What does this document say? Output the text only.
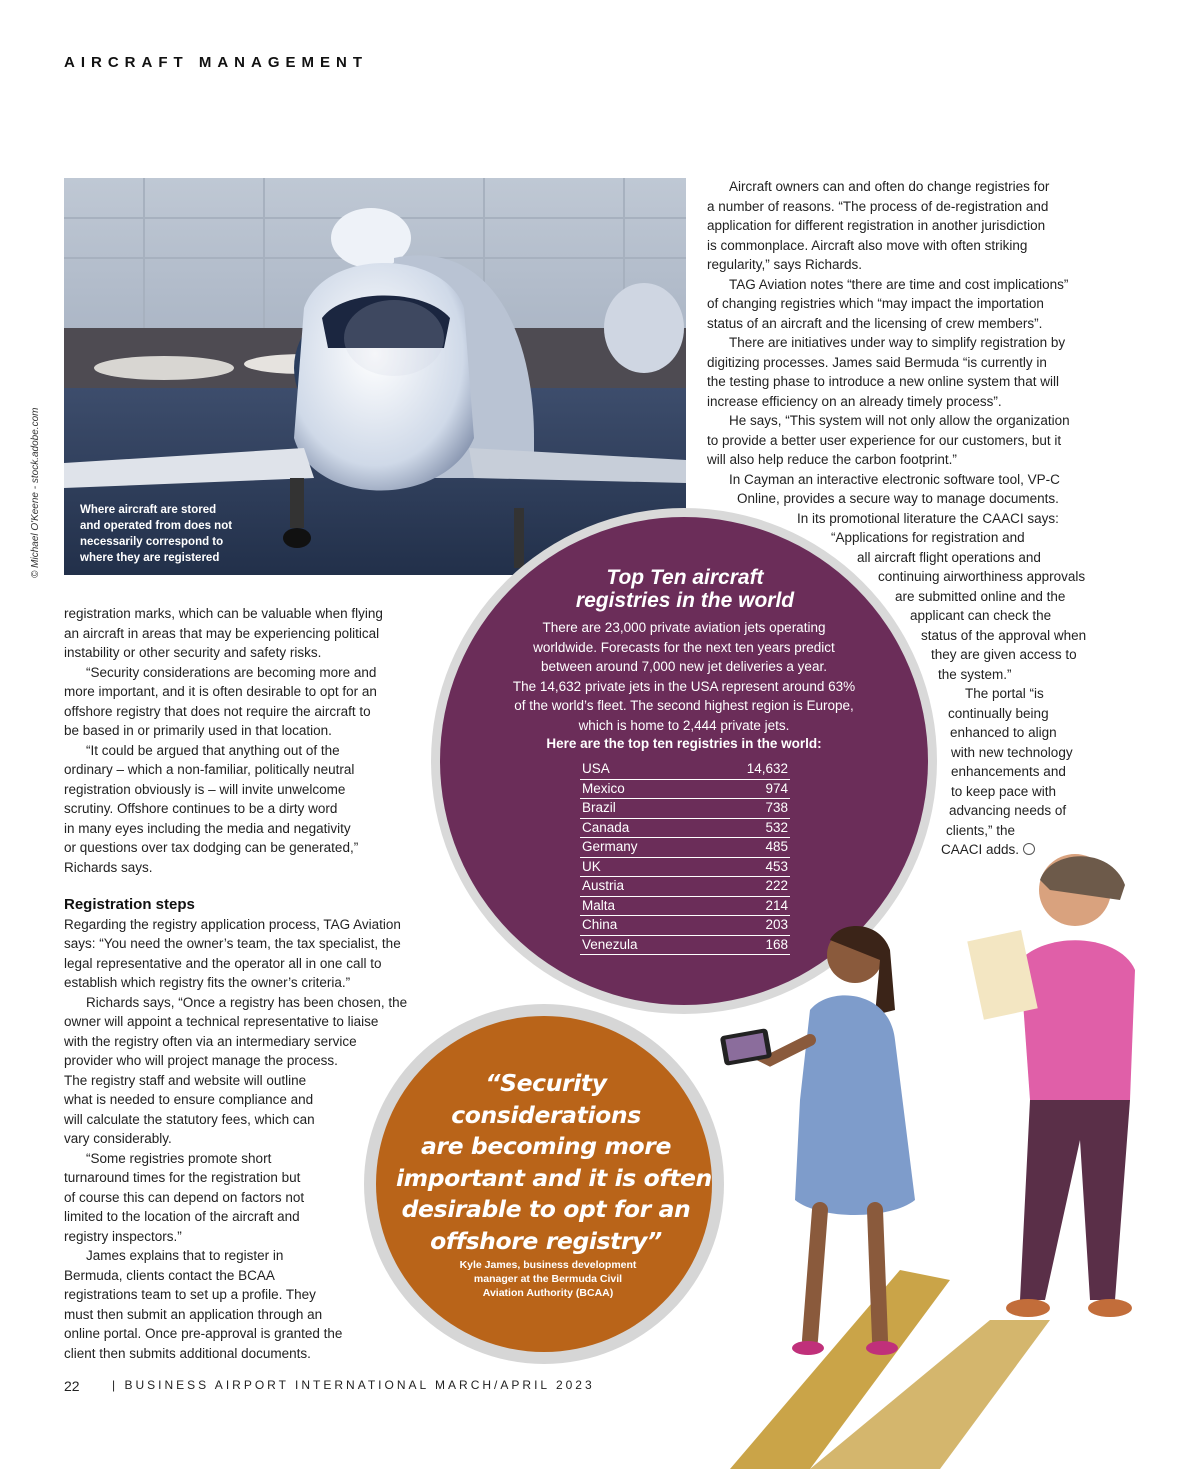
AIRCRAFT MANAGEMENT
© Michael O'Keene - stock.adobe.com	Where aircraft are stored
and operated from does not
necessarily correspond to
where they are registered

registration marks, which can be valuable when flying
an aircraft in areas that may be experiencing political
instability or other security and safety risks.

“Security considerations are becoming more and
more important, and it is often desirable to opt for an
offshore registry that does not require the aircraft to
be based in or primarily used in that location.

“It could be argued that anything out of the
ordinary – which a non-familiar, politically neutral
registration obviously is – will invite unwelcome
scrutiny. Offshore continues to be a dirty word
in many eyes including the media and negativity
or questions over tax dodging can be generated,”
Richards says.

Registration steps

Regarding the registry application process, TAG Aviation
says: “You need the owner’s team, the tax specialist, the
legal representative and the operator all in one call to
establish which registry fits the owner’s criteria.”

Richards says, “Once a registry has been chosen, the
owner will appoint a technical representative to liaise
with the registry often via an intermediary service
provider who will project manage the process.
The registry staff and website will outline
what is needed to ensure compliance and
will calculate the statutory fees, which can
vary considerably.

“Some registries promote short
turnaround times for the registration but
of course this can depend on factors not
limited to the location of the aircraft and
registry inspectors.”

James explains that to register in
Bermuda, clients contact the BCAA
registrations team to set up a profile. They
must then submit an application through an
online portal. Once pre-approval is granted the
client then submits additional documents.

Aircraft owners can and often do change registries for
a number of reasons. “The process of de-registration and
application for different registration in another jurisdiction
is commonplace. Aircraft also move with often striking
regularity,” says Richards.

TAG Aviation notes “there are time and cost implications”
of changing registries which “may impact the importation
status of an aircraft and the licensing of crew members”.

There are initiatives under way to simplify registration by
digitizing processes. James said Bermuda “is currently in
the testing phase to introduce a new online system that will
increase efficiency on an already timely process”.

He says, “This system will not only allow the organization
to provide a better user experience for our customers, but it
will also help reduce the carbon footprint.”

In Cayman an interactive electronic software tool, VP-C
Online, provides a secure way to manage documents.
In its promotional literature the CAACI says:
“Applications for registration and
all aircraft flight operations and
continuing airworthiness approvals
are submitted online and the
applicant can check the
status of the approval when
they are given access to
the system.”

The portal “is
continually being
enhanced to align
with new technology
enhancements and
to keep pace with
advancing needs of
clients,” the
CAACI adds.

Top Ten aircraft
registries in the world
There are 23,000 private aviation jets operating
worldwide. Forecasts for the next ten years predict
between around 7,000 new jet deliveries a year.
The 14,632 private jets in the USA represent around 63%
of the world’s fleet. The second highest region is Europe,
which is home to 2,444 private jets.
Here are the top ten registries in the world:
USA	14,632
Mexico	974
Brazil	738
Canada	532
Germany	485
UK	453
Austria	222
Malta	214
China	203
Venezula	168
“Security
considerations
are becoming more
important and it is often
desirable to opt for an
offshore registry”
Kyle James, business development
manager at the Bermuda Civil
Aviation Authority (BCAA)
22	| BUSINESS AIRPORT INTERNATIONAL MARCH/APRIL 2023
